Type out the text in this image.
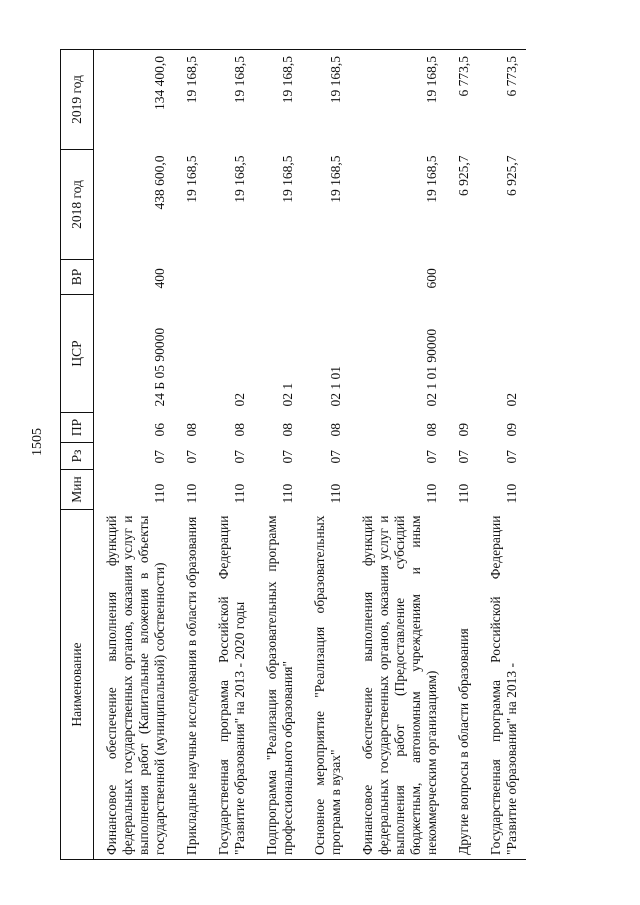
1505
Наименование	Мин	Рз	ПР	ЦСР	ВР	2018 год	2019 год
Финансовое обеспечение выполнения функций федеральных государственных органов, оказания услуг и выполнения работ (Капитальные вложения в объекты государственной (муниципальной) собственности)	110	07	06	24 Б 05 90000	400	438 600,0	134 400,0
Прикладные научные исследования в области образования	110	07	08			19 168,5	19 168,5
Государственная программа Российской Федерации "Развитие образования" на 2013 - 2020 годы	110	07	08	02		19 168,5	19 168,5
Подпрограмма "Реализация образовательных программ профессионального образования"	110	07	08	02 1		19 168,5	19 168,5
Основное мероприятие "Реализация образовательных программ в вузах"	110	07	08	02 1 01		19 168,5	19 168,5
Финансовое обеспечение выполнения функций федеральных государственных органов, оказания услуг и выполнения работ (Предоставление субсидий бюджетным, автономным учреждениям и иным некоммерческим организациям)	110	07	08	02 1 01 90000	600	19 168,5	19 168,5
Другие вопросы в области образования	110	07	09			6 925,7	6 773,5
Государственная программа Российской Федерации "Развитие образования" на 2013 -	110	07	09	02		6 925,7	6 773,5
